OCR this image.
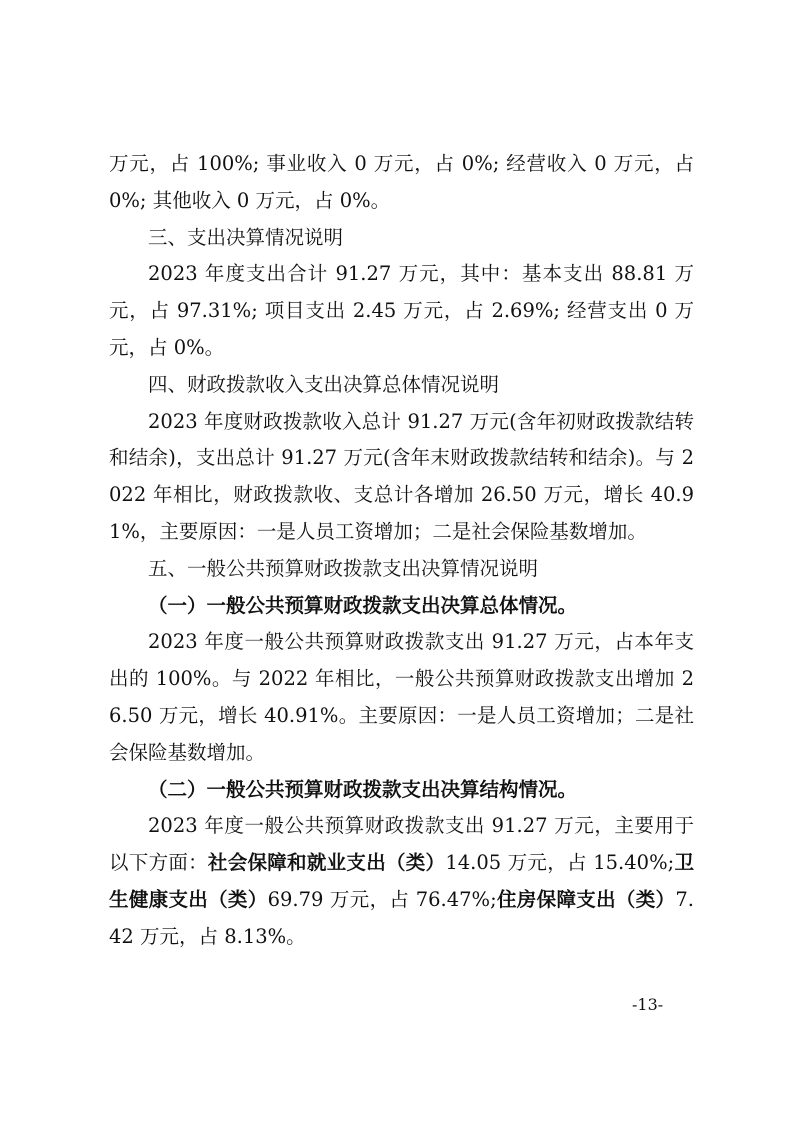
万元，占 100%; 事业收入 0 万元，占 0%; 经营收入 0 万元，占 0%; 其他收入 0 万元，占 0%。

三、支出决算情况说明

2023 年度支出合计 91.27 万元，其中：基本支出 88.81 万元，占 97.31%; 项目支出 2.45 万元，占 2.69%; 经营支出 0 万元，占 0%。

四、财政拨款收入支出决算总体情况说明

2023 年度财政拨款收入总计 91.27 万元(含年初财政拨款结转和结余)，支出总计 91.27 万元(含年末财政拨款结转和结余)。与 2022 年相比，财政拨款收、支总计各增加 26.50 万元，增长 40.91%，主要原因：一是人员工资增加；二是社会保险基数增加。

五、一般公共预算财政拨款支出决算情况说明

（一）一般公共预算财政拨款支出决算总体情况。

2023 年度一般公共预算财政拨款支出 91.27 万元，占本年支出的 100%。与 2022 年相比，一般公共预算财政拨款支出增加 26.50 万元，增长 40.91%。主要原因：一是人员工资增加；二是社会保险基数增加。

（二）一般公共预算财政拨款支出决算结构情况。

2023 年度一般公共预算财政拨款支出 91.27 万元，主要用于以下方面：社会保障和就业支出（类）14.05 万元，占 15.40%;卫生健康支出（类）69.79 万元，占 76.47%;住房保障支出（类）7.42 万元，占 8.13%。

-13-
